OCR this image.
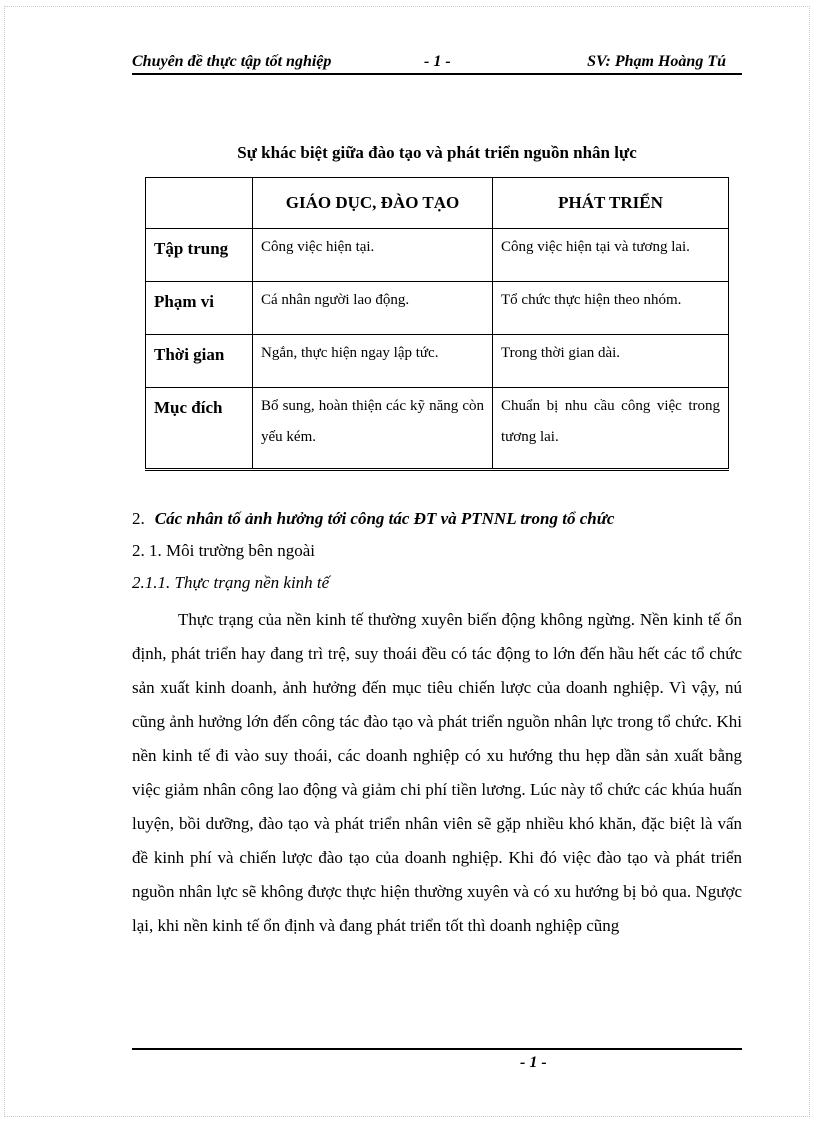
Chuyên đề thực tập tốt nghiệp	- 1 -	SV: Phạm Hoàng Tú
Sự khác biệt giữa đào tạo và phát triển nguồn nhân lực
	GIÁO DỤC, ĐÀO TẠO	PHÁT TRIỂN
Tập trung	Công việc hiện tại.	Công việc hiện tại và tương lai.
Phạm vi	Cá nhân người lao động.	Tổ chức thực hiện theo nhóm.
Thời gian	Ngắn, thực hiện ngay lập tức.	Trong thời gian dài.
Mục đích	Bổ sung, hoàn thiện các kỹ năng còn yếu kém.	Chuẩn bị nhu cầu công việc trong tương lai.
2. Các nhân tố ảnh hưởng tới công tác ĐT và PTNNL trong tổ chức
2. 1. Môi trường bên ngoài
2.1.1. Thực trạng nền kinh tế
Thực trạng của nền kinh tế thường xuyên biến động không ngừng. Nền kinh tế ổn định, phát triển hay đang trì trệ, suy thoái đều có tác động to lớn đến hầu hết các tổ chức sản xuất kinh doanh, ảnh hưởng đến mục tiêu chiến lược của doanh nghiệp. Vì vậy, nú cũng ảnh hưởng lớn đến công tác đào tạo và phát triển nguồn nhân lực trong tổ chức. Khi nền kinh tế đi vào suy thoái, các doanh nghiệp có xu hướng thu hẹp dần sản xuất bằng việc giảm nhân công lao động và giảm chi phí tiền lương. Lúc này tổ chức các khúa huấn luyện, bồi dưỡng, đào tạo và phát triển nhân viên sẽ gặp nhiều khó khăn, đặc biệt là vấn đề kinh phí và chiến lược đào tạo của doanh nghiệp. Khi đó việc đào tạo và phát triển nguồn nhân lực sẽ không được thực hiện thường xuyên và có xu hướng bị bỏ qua. Ngược lại, khi nền kinh tế ổn định và đang phát triển tốt thì doanh nghiệp cũng
- 1 -
